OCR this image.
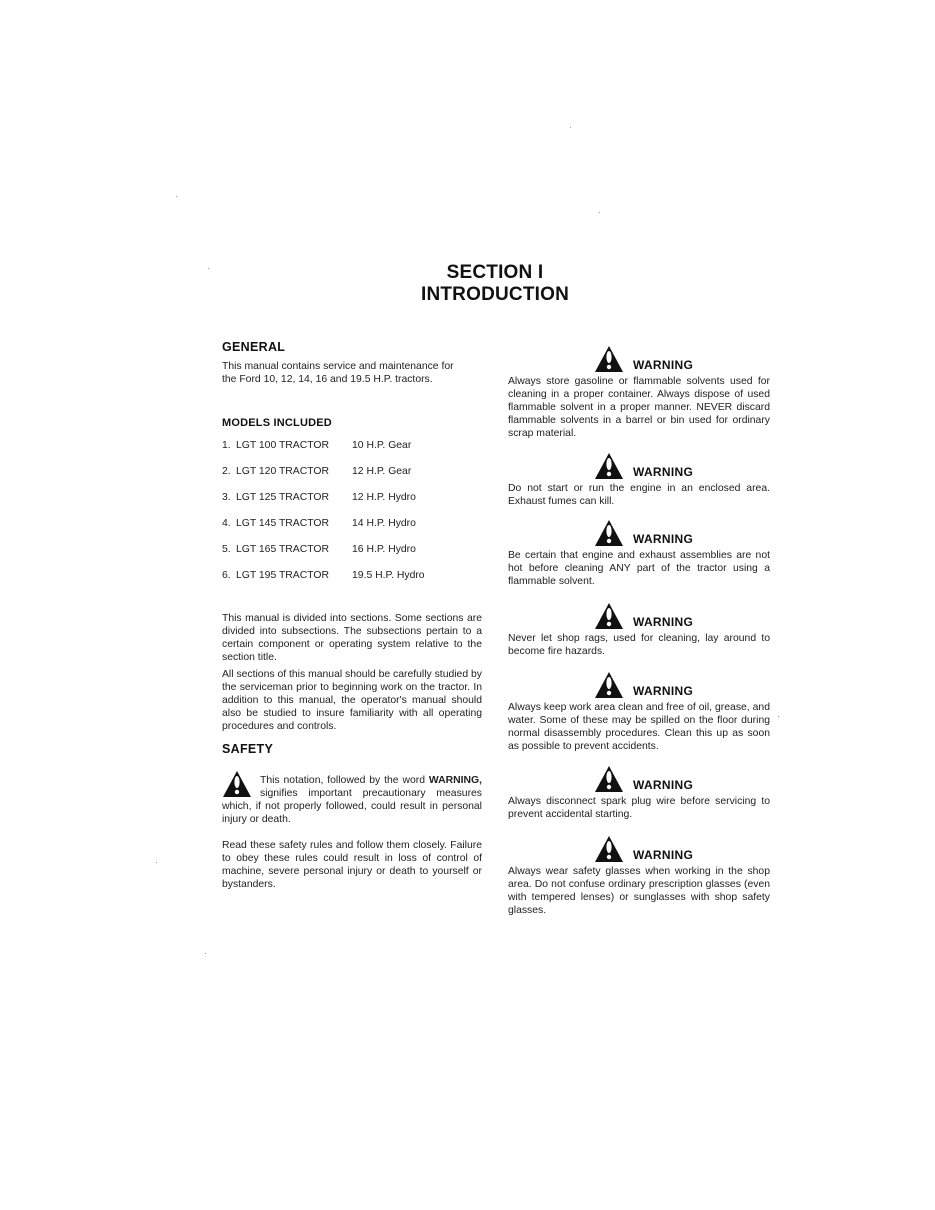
SECTION I
INTRODUCTION
GENERAL
This manual contains service and maintenance for the Ford 10, 12, 14, 16 and 19.5 H.P. tractors.
MODELS INCLUDED
1. LGT 100 TRACTOR	10 H.P. Gear
2. LGT 120 TRACTOR	12 H.P. Gear
3. LGT 125 TRACTOR	12 H.P. Hydro
4. LGT 145 TRACTOR	14 H.P. Hydro
5. LGT 165 TRACTOR	16 H.P. Hydro
6. LGT 195 TRACTOR	19.5 H.P. Hydro
This manual is divided into sections. Some sections are divided into subsections. The subsections pertain to a certain component or operating system relative to the section title.
All sections of this manual should be carefully studied by the serviceman prior to beginning work on the tractor. In addition to this manual, the operator's manual should also be studied to insure familiarity with all operating procedures and controls.
SAFETY
This notation, followed by the word WARNING, signifies important precautionary measures which, if not properly followed, could result in personal injury or death.
Read these safety rules and follow them closely. Failure to obey these rules could result in loss of control of machine, severe personal injury or death to yourself or bystanders.
WARNING
Always store gasoline or flammable solvents used for cleaning in a proper container. Always dispose of used flammable solvent in a proper manner. NEVER discard flammable solvents in a barrel or bin used for ordinary scrap material.
WARNING
Do not start or run the engine in an enclosed area. Exhaust fumes can kill.
WARNING
Be certain that engine and exhaust assemblies are not hot before cleaning ANY part of the tractor using a flammable solvent.
WARNING
Never let shop rags, used for cleaning, lay around to become fire hazards.
WARNING
Always keep work area clean and free of oil, grease, and water. Some of these may be spilled on the floor during normal disassembly procedures. Clean this up as soon as possible to prevent accidents.
WARNING
Always disconnect spark plug wire before servicing to prevent accidental starting.
WARNING
Always wear safety glasses when working in the shop area. Do not confuse ordinary prescription glasses (even with tempered lenses) or sunglasses with shop safety glasses.
